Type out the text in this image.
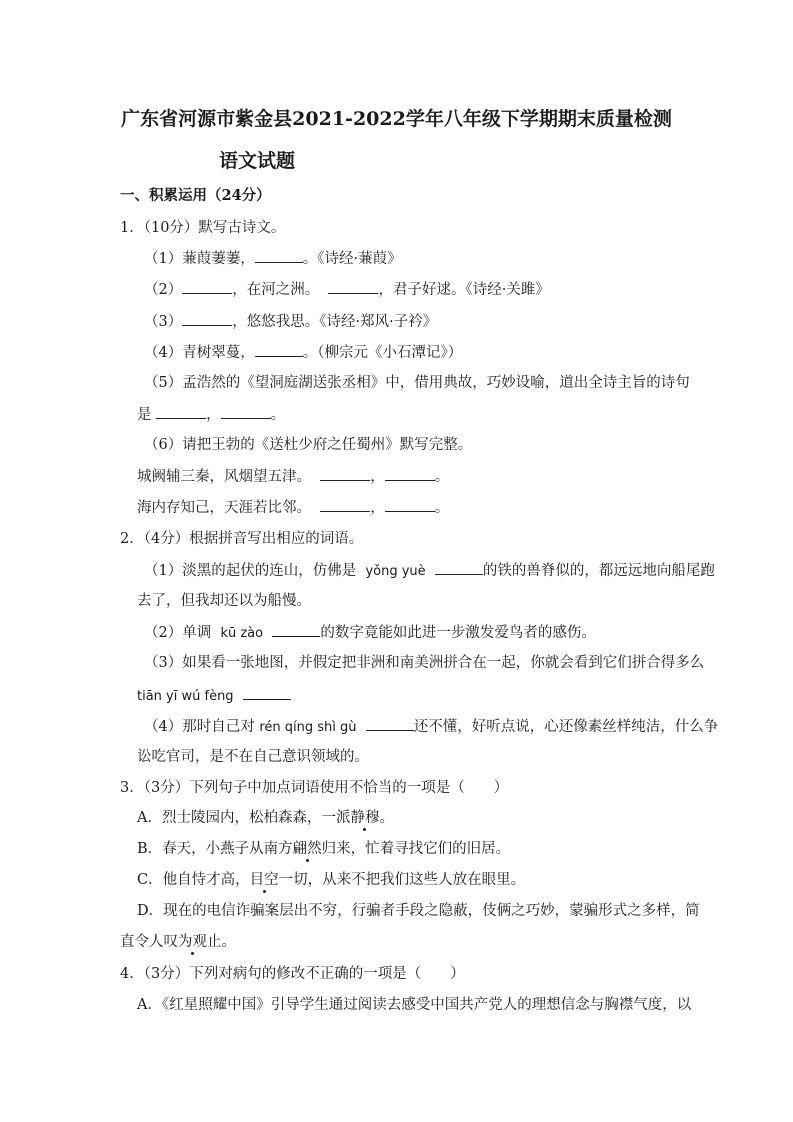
广东省河源市紫金县2021-2022学年八年级下学期期末质量检测
语文试题
一、积累运用（24分）
1．（10分）默写古诗文。
（1）蒹葭萋萋，	。《诗经·蒹葭》
（2）	，在河之洲。	，君子好逑。《诗经·关雎》
（3）	，悠悠我思。《诗经·郑风·子衿》
（4）青树翠蔓，	。（柳宗元《小石潭记》）
（5）孟浩然的《望洞庭湖送张丞相》中，借用典故，巧妙设喻，道出全诗主旨的诗句
是	，	。
（6）请把王勃的《送杜少府之任蜀州》默写完整。
城阙辅三秦，风烟望五津。	，	。
海内存知己，天涯若比邻。	，	。
2．（4分）根据拼音写出相应的词语。
（1）淡黑的起伏的连山，仿佛是 yǒng yuè	的铁的兽脊似的，都远远地向船尾跑
去了，但我却还以为船慢。
（2）单调 kū zào	的数字竟能如此进一步激发爱鸟者的感伤。
（3）如果看一张地图，并假定把非洲和南美洲拼合在一起，你就会看到它们拼合得多么
tiān yī wú fèng
（4）那时自己对 rén qíng shì gù	还不懂，好听点说，心还像素丝样纯洁，什么争
讼吃官司，是不在自己意识领域的。
3．（3分）下列句子中加点词语使用不恰当的一项是（　　）
A．烈士陵园内，松柏森森，一派静穆。
B．春天，小燕子从南方翩然归来，忙着寻找它们的旧居。
C．他自恃才高，目空一切，从来不把我们这些人放在眼里。
D．现在的电信诈骗案层出不穷，行骗者手段之隐蔽，伎俩之巧妙，蒙骗形式之多样，简
直令人叹为观止。
4．（3分）下列对病句的修改不正确的一项是（　　）
A．《红星照耀中国》引导学生通过阅读去感受中国共产党人的理想信念与胸襟气度，以
